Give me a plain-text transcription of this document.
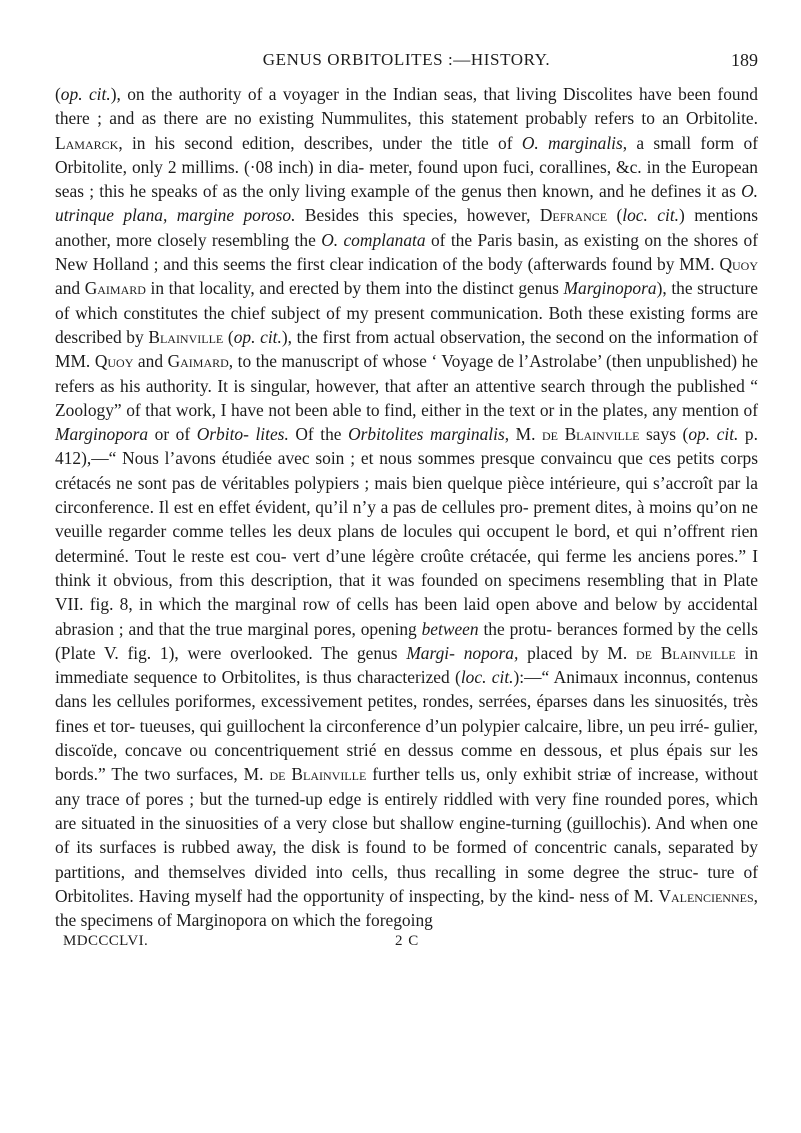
GENUS ORBITOLITES :—HISTORY.	189

(op. cit.), on the authority of a voyager in the Indian seas, that living Discolites have been found there ; and as there are no existing Nummulites, this statement probably refers to an Orbitolite. Lamarck, in his second edition, describes, under the title of O. marginalis, a small form of Orbitolite, only 2 millims. (·08 inch) in dia- meter, found upon fuci, corallines, &c. in the European seas ; this he speaks of as the only living example of the genus then known, and he defines it as O. utrinque plana, margine poroso. Besides this species, however, Defrance (loc. cit.) mentions another, more closely resembling the O. complanata of the Paris basin, as existing on the shores of New Holland ; and this seems the first clear indication of the body (afterwards found by MM. Quoy and Gaimard in that locality, and erected by them into the distinct genus Marginopora), the structure of which constitutes the chief subject of my present communication. Both these existing forms are described by Blainville (op. cit.), the first from actual observation, the second on the information of MM. Quoy and Gaimard, to the manuscript of whose ‘ Voyage de l’Astrolabe’ (then unpublished) he refers as his authority. It is singular, however, that after an attentive search through the published “ Zoology” of that work, I have not been able to find, either in the text or in the plates, any mention of Marginopora or of Orbito- lites. Of the Orbitolites marginalis, M. de Blainville says (op. cit. p. 412),—“ Nous l’avons étudiée avec soin ; et nous sommes presque convaincu que ces petits corps crétacés ne sont pas de véritables polypiers ; mais bien quelque pièce intérieure, qui s’accroît par la circonference. Il est en effet évident, qu’il n’y a pas de cellules pro- prement dites, à moins qu’on ne veuille regarder comme telles les deux plans de locules qui occupent le bord, et qui n’offrent rien determiné. Tout le reste est cou- vert d’une légère croûte crétacée, qui ferme les anciens pores.” I think it obvious, from this description, that it was founded on specimens resembling that in Plate VII. fig. 8, in which the marginal row of cells has been laid open above and below by accidental abrasion ; and that the true marginal pores, opening between the protu- berances formed by the cells (Plate V. fig. 1), were overlooked. The genus Margi- nopora, placed by M. de Blainville in immediate sequence to Orbitolites, is thus characterized (loc. cit.):—“ Animaux inconnus, contenus dans les cellules poriformes, excessivement petites, rondes, serrées, éparses dans les sinuosités, très fines et tor- tueuses, qui guillochent la circonference d’un polypier calcaire, libre, un peu irré- gulier, discoïde, concave ou concentriquement strié en dessus comme en dessous, et plus épais sur les bords.” The two surfaces, M. de Blainville further tells us, only exhibit striæ of increase, without any trace of pores ; but the turned-up edge is entirely riddled with very fine rounded pores, which are situated in the sinuosities of a very close but shallow engine-turning (guillochis). And when one of its surfaces is rubbed away, the disk is found to be formed of concentric canals, separated by partitions, and themselves divided into cells, thus recalling in some degree the struc- ture of Orbitolites. Having myself had the opportunity of inspecting, by the kind- ness of M. Valenciennes, the specimens of Marginopora on which the foregoing

MDCCCLVI.	2 C
